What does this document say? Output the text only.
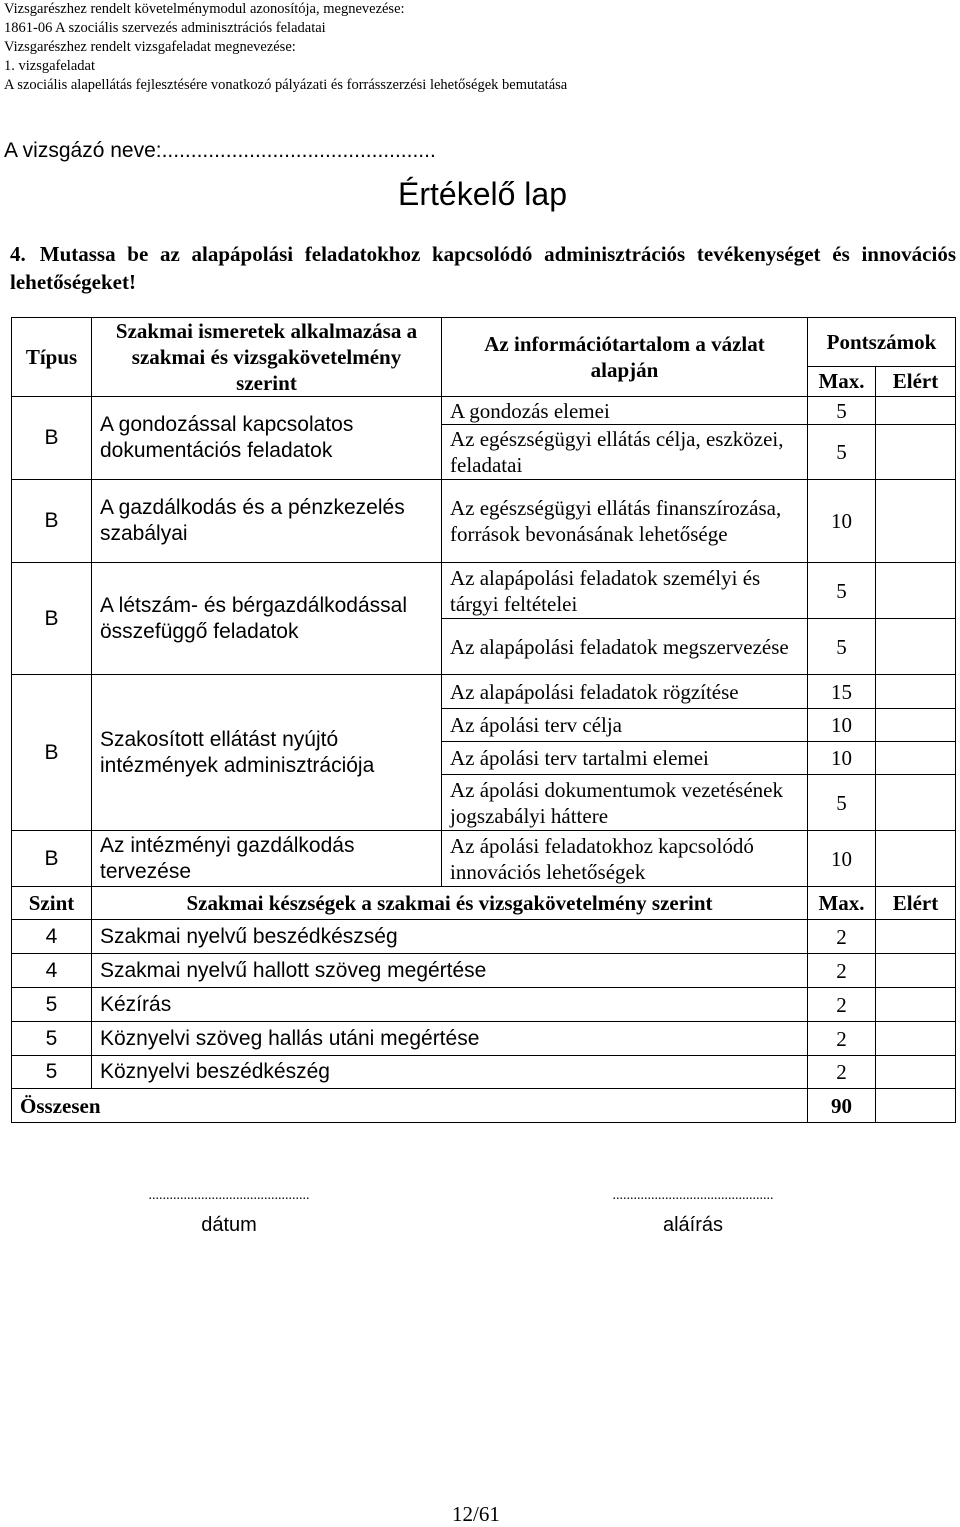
Vizsgarészhez rendelt követelménymodul azonosítója, megnevezése:
1861-06 A szociális szervezés adminisztrációs feladatai
Vizsgarészhez rendelt vizsgafeladat megnevezése:
1. vizsgafeladat
A szociális alapellátás fejlesztésére vonatkozó pályázati és forrásszerzési lehetőségek bemutatása
A vizsgázó neve:...............................................
Értékelő lap
4. Mutassa be az alapápolási feladatokhoz kapcsolódó adminisztrációs tevékenységet és innovációs lehetőségeket!
Típus	Szakmai ismeretek alkalmazása a szakmai és vizsgakövetelmény szerint	Az információtartalom a vázlat alapján	Pontszámok	
			Max.	Elért
B	A gondozással kapcsolatos dokumentációs feladatok	A gondozás elemei	5	
		Az egészségügyi ellátás célja, eszközei, feladatai	5	
B	A gazdálkodás és a pénzkezelés szabályai	Az egészségügyi ellátás finanszírozása, források bevonásának lehetősége	10	
B	A létszám- és bérgazdálkodással összefüggő feladatok	Az alapápolási feladatok személyi és tárgyi feltételei	5	
		Az alapápolási feladatok megszervezése	5	
B	Szakosított ellátást nyújtó intézmények adminisztrációja	Az alapápolási feladatok rögzítése	15	
		Az ápolási terv célja	10	
		Az ápolási terv tartalmi elemei	10	
		Az ápolási dokumentumok vezetésének jogszabályi háttere	5	
B	Az intézményi gazdálkodás tervezése	Az ápolási feladatokhoz kapcsolódó innovációs lehetőségek	10	
Szint	Szakmai készségek a szakmai és vizsgakövetelmény szerint		Max.	Elért
4	Szakmai nyelvű beszédkészség		2	
4	Szakmai nyelvű hallott szöveg megértése		2	
5	Kézírás		2	
5	Köznyelvi szöveg hallás utáni megértése		2	
5	Köznyelvi beszédkészég		2	
Összesen			90	
..............................................
dátum
..............................................
aláírás
12/61
